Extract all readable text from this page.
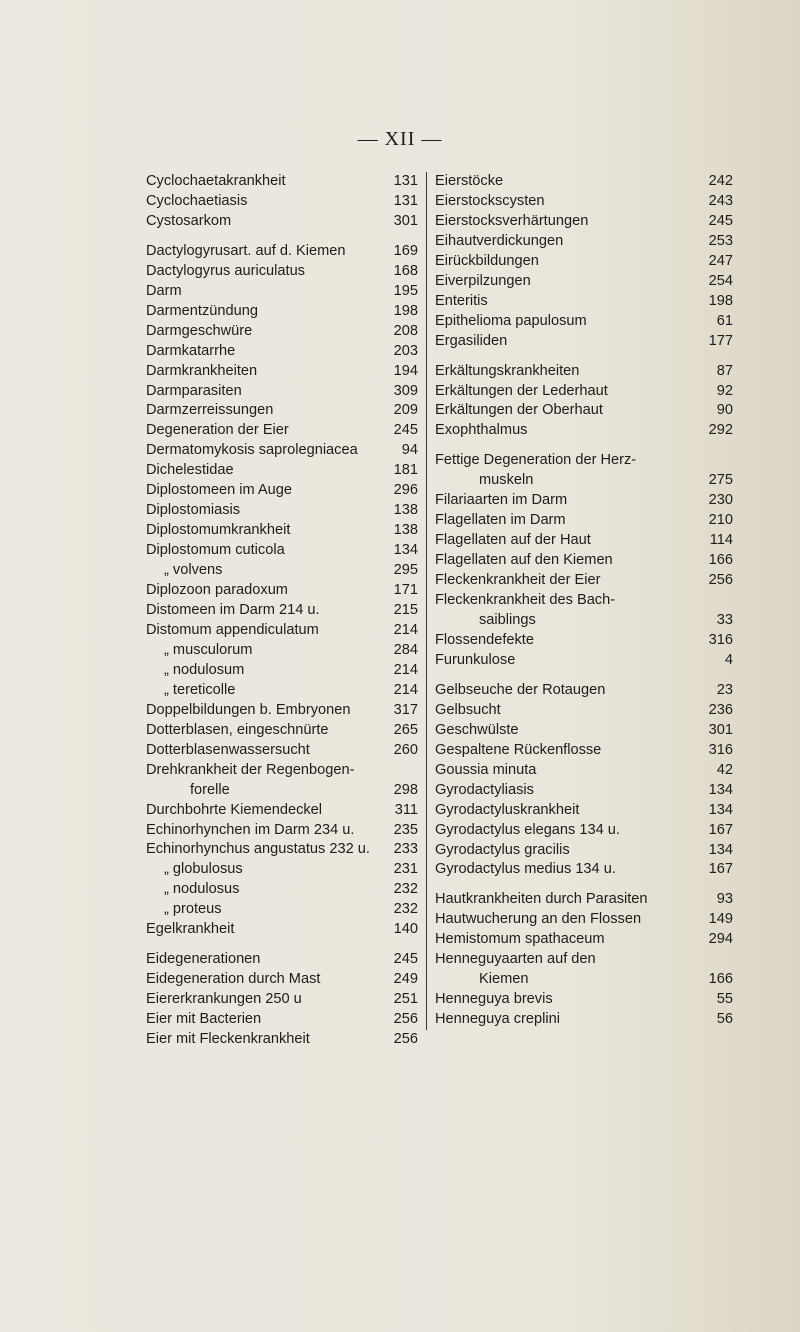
— XII —
Cyclochaetakrankheit	131
Cyclochaetiasis	131
Cystosarkom	301
Dactylogyrusart. auf d. Kiemen	169
Dactylogyrus auriculatus	168
Darm	195
Darmentzündung	198
Darmgeschwüre	208
Darmkatarrhe	203
Darmkrankheiten	194
Darmparasiten	309
Darmzerreissungen	209
Degeneration der Eier	245
Dermatomykosis saprolegniacea	94
Dichelestidae	181
Diplostomeen im Auge	296
Diplostomiasis	138
Diplostomumkrankheit	138
Diplostomum cuticola	134
„ volvens	295
Diplozoon paradoxum	171
Distomeen im Darm 214 u.	215
Distomum appendiculatum	214
„ musculorum	284
„ nodulosum	214
„ tereticolle	214
Doppelbildungen b. Embryonen	317
Dotterblasen, eingeschnürte	265
Dotterblasenwassersucht	260
Drehkrankheit der Regenbogen-
forelle	298
Durchbohrte Kiemendeckel	311
Echinorhynchen im Darm 234 u.	235
Echinorhynchus angustatus 232 u.	233
„ globulosus	231
„ nodulosus	232
„ proteus	232
Egelkrankheit	140
Eidegenerationen	245
Eidegeneration durch Mast	249
Eiererkrankungen 250 u	251
Eier mit Bacterien	256
Eier mit Fleckenkrankheit	256
Eierstöcke	242
Eierstockscysten	243
Eierstocksverhärtungen	245
Eihautverdickungen	253
Eirückbildungen	247
Eiverpilzungen	254
Enteritis	198
Epithelioma papulosum	61
Ergasiliden	177
Erkältungskrankheiten	87
Erkältungen der Lederhaut	92
Erkältungen der Oberhaut	90
Exophthalmus	292
Fettige Degeneration der Herz-
muskeln	275
Filariaarten im Darm	230
Flagellaten im Darm	210
Flagellaten auf der Haut	114
Flagellaten auf den Kiemen	166
Fleckenkrankheit der Eier	256
Fleckenkrankheit des Bach-
saiblings	33
Flossendefekte	316
Furunkulose	4
Gelbseuche der Rotaugen	23
Gelbsucht	236
Geschwülste	301
Gespaltene Rückenflosse	316
Goussia minuta	42
Gyrodactyliasis	134
Gyrodactyluskrankheit	134
Gyrodactylus elegans 134 u.	167
Gyrodactylus gracilis	134
Gyrodactylus medius 134 u.	167
Hautkrankheiten durch Parasiten	93
Hautwucherung an den Flossen	149
Hemistomum spathaceum	294
Henneguyaarten auf den
Kiemen	166
Henneguya brevis	55
Henneguya creplini	56
